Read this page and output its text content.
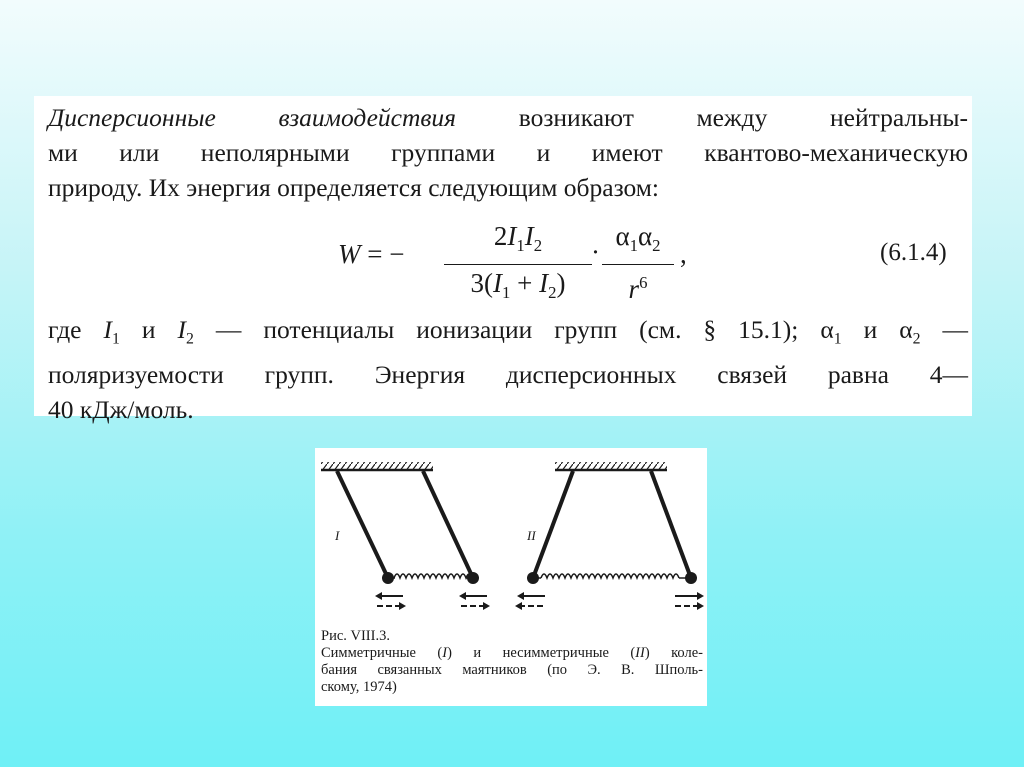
Дисперсионные взаимодействия возникают между нейтральны-
ми или неполярными группами и имеют квантово-механическую
природу. Их энергия определяется следующим образом:

W = −
$2I_1I_2$
$3(I_1 + I_2)$
·
$\alpha_1\alpha_2$
$r^6$
,	(6.1.4)

где $I_1$ и $I_2$ — потенциалы ионизации групп (см. § 15.1); $\alpha_1$ и $\alpha_2$ —
поляризуемости групп. Энергия дисперсионных связей равна 4—
40 кДж/моль.

I	II
Рис. VIII.3.
Симметричные (I) и несимметричные (II) коле-
бания связанных маятников (по Э. В. Шполь-
скому, 1974)
